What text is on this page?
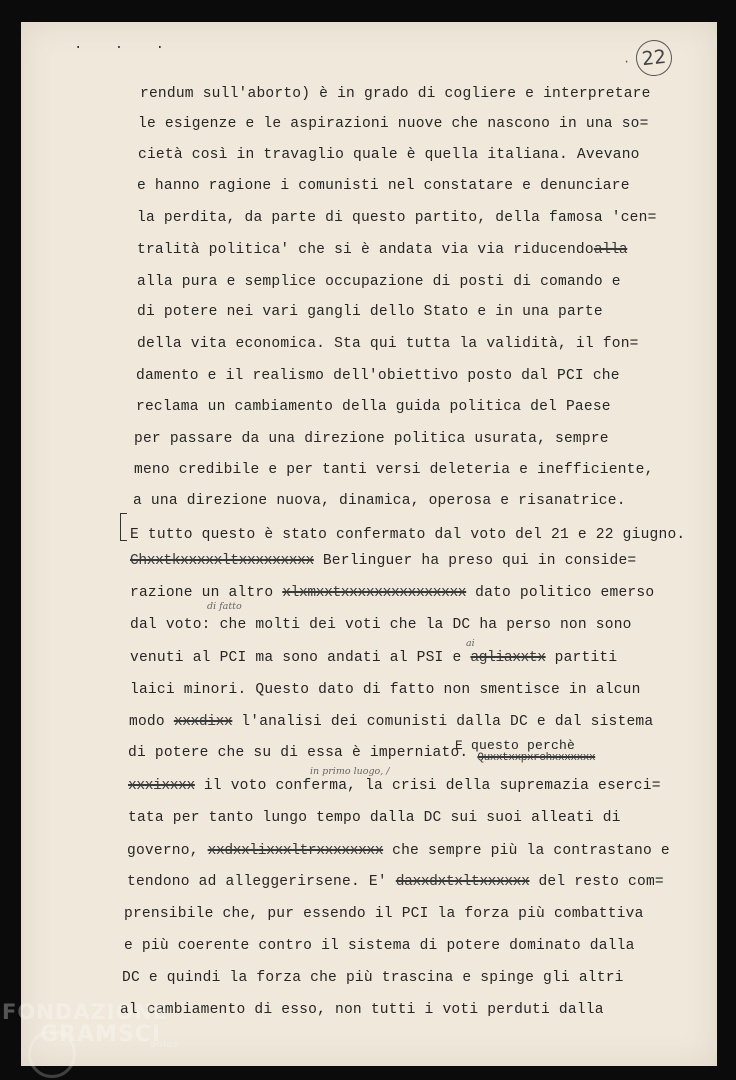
· · ·
· 22
rendum sull'aborto) è in grado di cogliere e interpretare
le esigenze e le aspirazioni nuove che nascono in una so=
cietà così in travaglio quale è quella italiana. Avevano
e hanno ragione i comunisti nel constatare e denunciare
la perdita, da parte di questo partito, della famosa 'cen=
tralità politica' che si è andata via via riducendoalla
alla pura e semplice occupazione di posti di comando e
di potere nei vari gangli dello Stato e in una parte
della vita economica. Sta qui tutta la validità, il fon=
damento e il realismo dell'obiettivo posto dal PCI che
reclama un cambiamento della guida politica del Paese
per passare da una direzione politica usurata, sempre
meno credibile e per tanti versi deleteria e inefficiente,
a una direzione nuova, dinamica, operosa e risanatrice.
E tutto questo è stato confermato dal voto del 21 e 22 giugno.
Chxxtkxxxxxltxxxxxxxxx Berlinguer ha preso qui in conside=
di fatto
razione un altro xlxmxxtxxxxxxxxxxxxxxx dato politico emerso
dal voto: che molti dei voti che la DC ha perso non sono
ai
venuti al PCI ma sono andati al PSI e agliaxxtx partiti
laici minori. Questo dato di fatto non smentisce in alcun
modo xxxdixx l'analisi dei comunisti dalla DC e dal sistema
E questo perchè
di potere che su di essa è imperniato. $_{Quxxtxxpxrchxxxxxxx}$
in primo luogo, /
xxxixxxx il voto conferma, la crisi della supremazia eserci=
tata per tanto lungo tempo dalla DC sui suoi alleati di
governo, xxdxxlixxxltrxxxxxxxx che sempre più la contrastano e
tendono ad alleggerirsene. E' daxxdxtxltxxxxxx del resto com=
prensibile che, pur essendo il PCI la forza più combattiva
e più coerente contro il sistema di potere dominato dalla
DC e quindi la forza che più trascina e spinge gli altri
al cambiamento di esso, non tutti i voti perduti dalla
FONDAZIONE
GRAMSCI
onlus
